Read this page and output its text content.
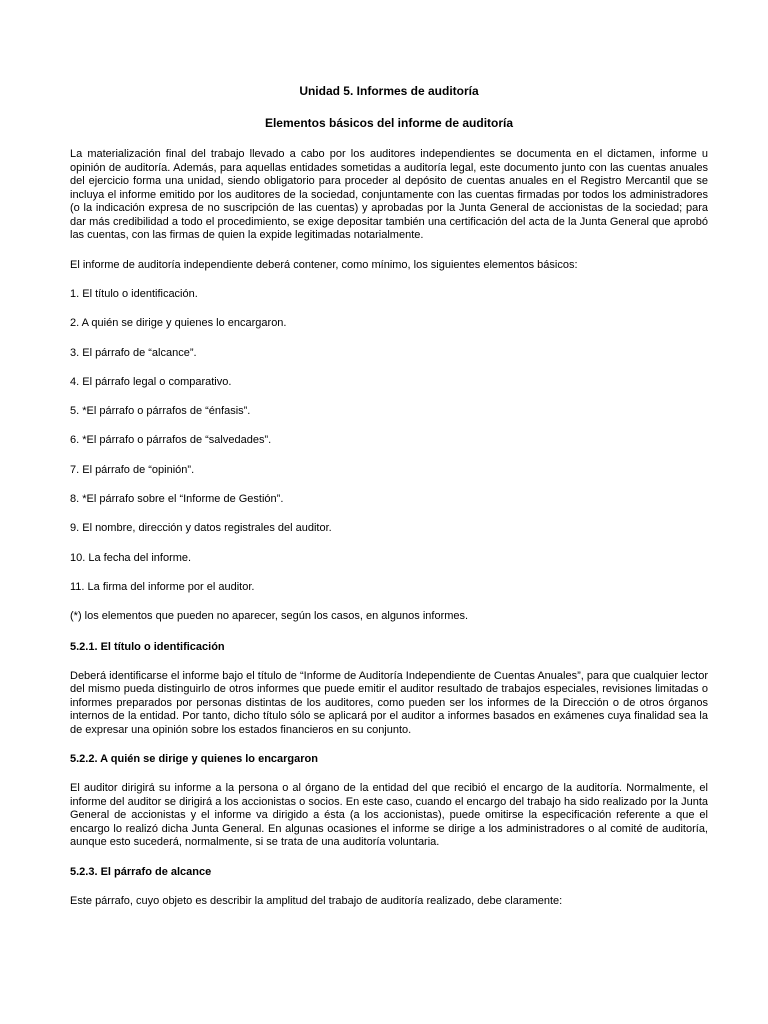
Unidad 5. Informes de auditoría
Elementos básicos del informe de auditoría

La materialización final del trabajo llevado a cabo por los auditores independientes se documenta en el dictamen, informe u opinión de auditoría. Además, para aquellas entidades sometidas a auditoría legal, este documento junto con las cuentas anuales del ejercicio forma una unidad, siendo obligatorio para proceder al depósito de cuentas anuales en el Registro Mercantil que se incluya el informe emitido por los auditores de la sociedad, conjuntamente con las cuentas firmadas por todos los administradores (o la indicación expresa de no suscripción de las cuentas) y aprobadas por la Junta General de accionistas de la sociedad; para dar más credibilidad a todo el procedimiento, se exige depositar también una certificación del acta de la Junta General que aprobó las cuentas, con las firmas de quien la expide legitimadas notarialmente.

El informe de auditoría independiente deberá contener, como mínimo, los siguientes elementos básicos:

1. El título o identificación.
2. A quién se dirige y quienes lo encargaron.
3. El párrafo de “alcance”.
4. El párrafo legal o comparativo.
5. *El párrafo o párrafos de “énfasis”.
6. *El párrafo o párrafos de “salvedades”.
7. El párrafo de “opinión”.
8. *El párrafo sobre el “Informe de Gestión”.
9. El nombre, dirección y datos registrales del auditor.
10. La fecha del informe.
11. La firma del informe por el auditor.

(*) los elementos que pueden no aparecer, según los casos, en algunos informes.

5.2.1. El título o identificación

Deberá identificarse el informe bajo el título de “Informe de Auditoría Independiente de Cuentas Anuales”, para que cualquier lector del mismo pueda distinguirlo de otros informes que puede emitir el auditor resultado de trabajos especiales, revisiones limitadas o informes preparados por personas distintas de los auditores, como pueden ser los informes de la Dirección o de otros órganos internos de la entidad. Por tanto, dicho título sólo se aplicará por el auditor a informes basados en exámenes cuya finalidad sea la de expresar una opinión sobre los estados financieros en su conjunto.

5.2.2. A quién se dirige y quienes lo encargaron

El auditor dirigirá su informe a la persona o al órgano de la entidad del que recibió el encargo de la auditoría. Normalmente, el informe del auditor se dirigirá a los accionistas o socios. En este caso, cuando el encargo del trabajo ha sido realizado por la Junta General de accionistas y el informe va dirigido a ésta (a los accionistas), puede omitirse la especificación referente a que el encargo lo realizó dicha Junta General. En algunas ocasiones el informe se dirige a los administradores o al comité de auditoría, aunque esto sucederá, normalmente, si se trata de una auditoría voluntaria.

5.2.3. El párrafo de alcance

Este párrafo, cuyo objeto es describir la amplitud del trabajo de auditoría realizado, debe claramente:
